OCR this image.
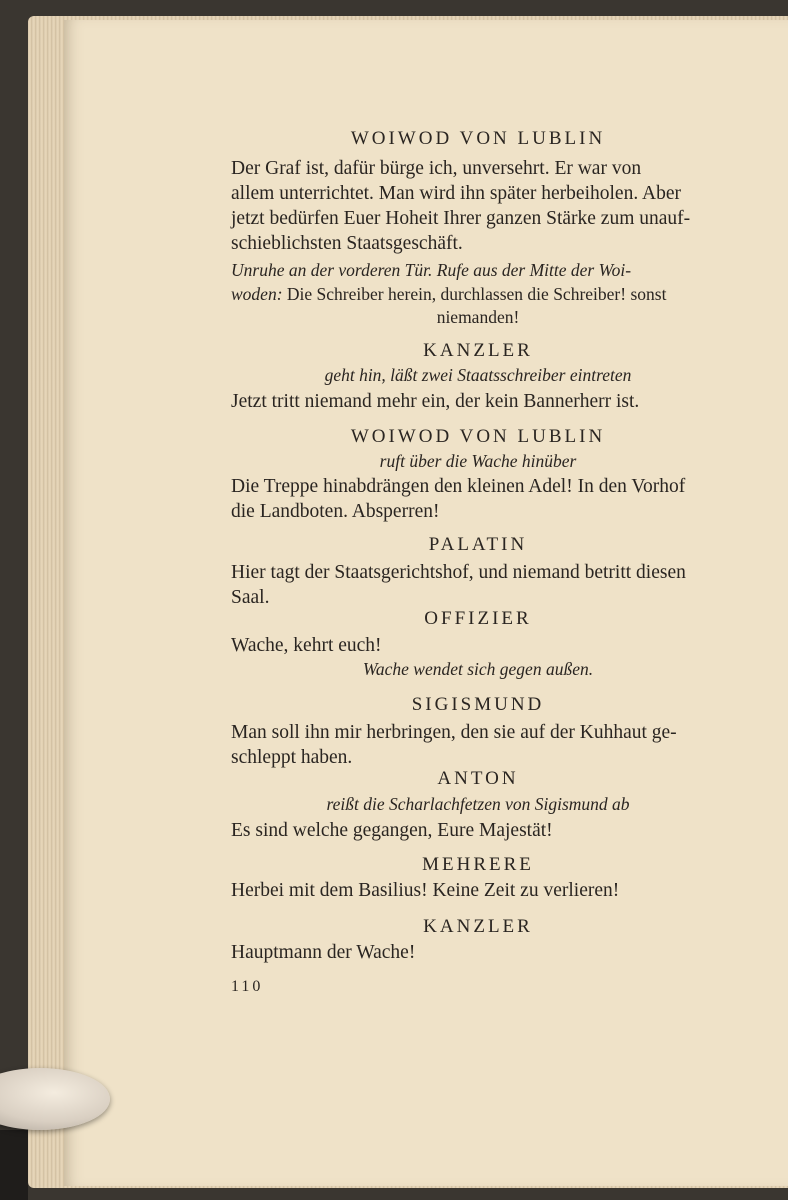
WOIWOD VON LUBLIN
Der Graf ist, dafür bürge ich, unversehrt. Er war von
allem unterrichtet. Man wird ihn später herbeiholen. Aber
jetzt bedürfen Euer Hoheit Ihrer ganzen Stärke zum unauf-
schieblichsten Staatsgeschäft.
Unruhe an der vorderen Tür. Rufe aus der Mitte der Woi-
woden: Die Schreiber herein, durchlassen die Schreiber! sonst
niemanden!
KANZLER
geht hin, läßt zwei Staatsschreiber eintreten
Jetzt tritt niemand mehr ein, der kein Bannerherr ist.
WOIWOD VON LUBLIN
ruft über die Wache hinüber
Die Treppe hinabdrängen den kleinen Adel! In den Vorhof
die Landboten. Absperren!
PALATIN
Hier tagt der Staatsgerichtshof, und niemand betritt diesen
Saal.
OFFIZIER
Wache, kehrt euch!
Wache wendet sich gegen außen.
SIGISMUND
Man soll ihn mir herbringen, den sie auf der Kuhhaut ge-
schleppt haben.
ANTON
reißt die Scharlachfetzen von Sigismund ab
Es sind welche gegangen, Eure Majestät!
MEHRERE
Herbei mit dem Basilius! Keine Zeit zu verlieren!
KANZLER
Hauptmann der Wache!
110
